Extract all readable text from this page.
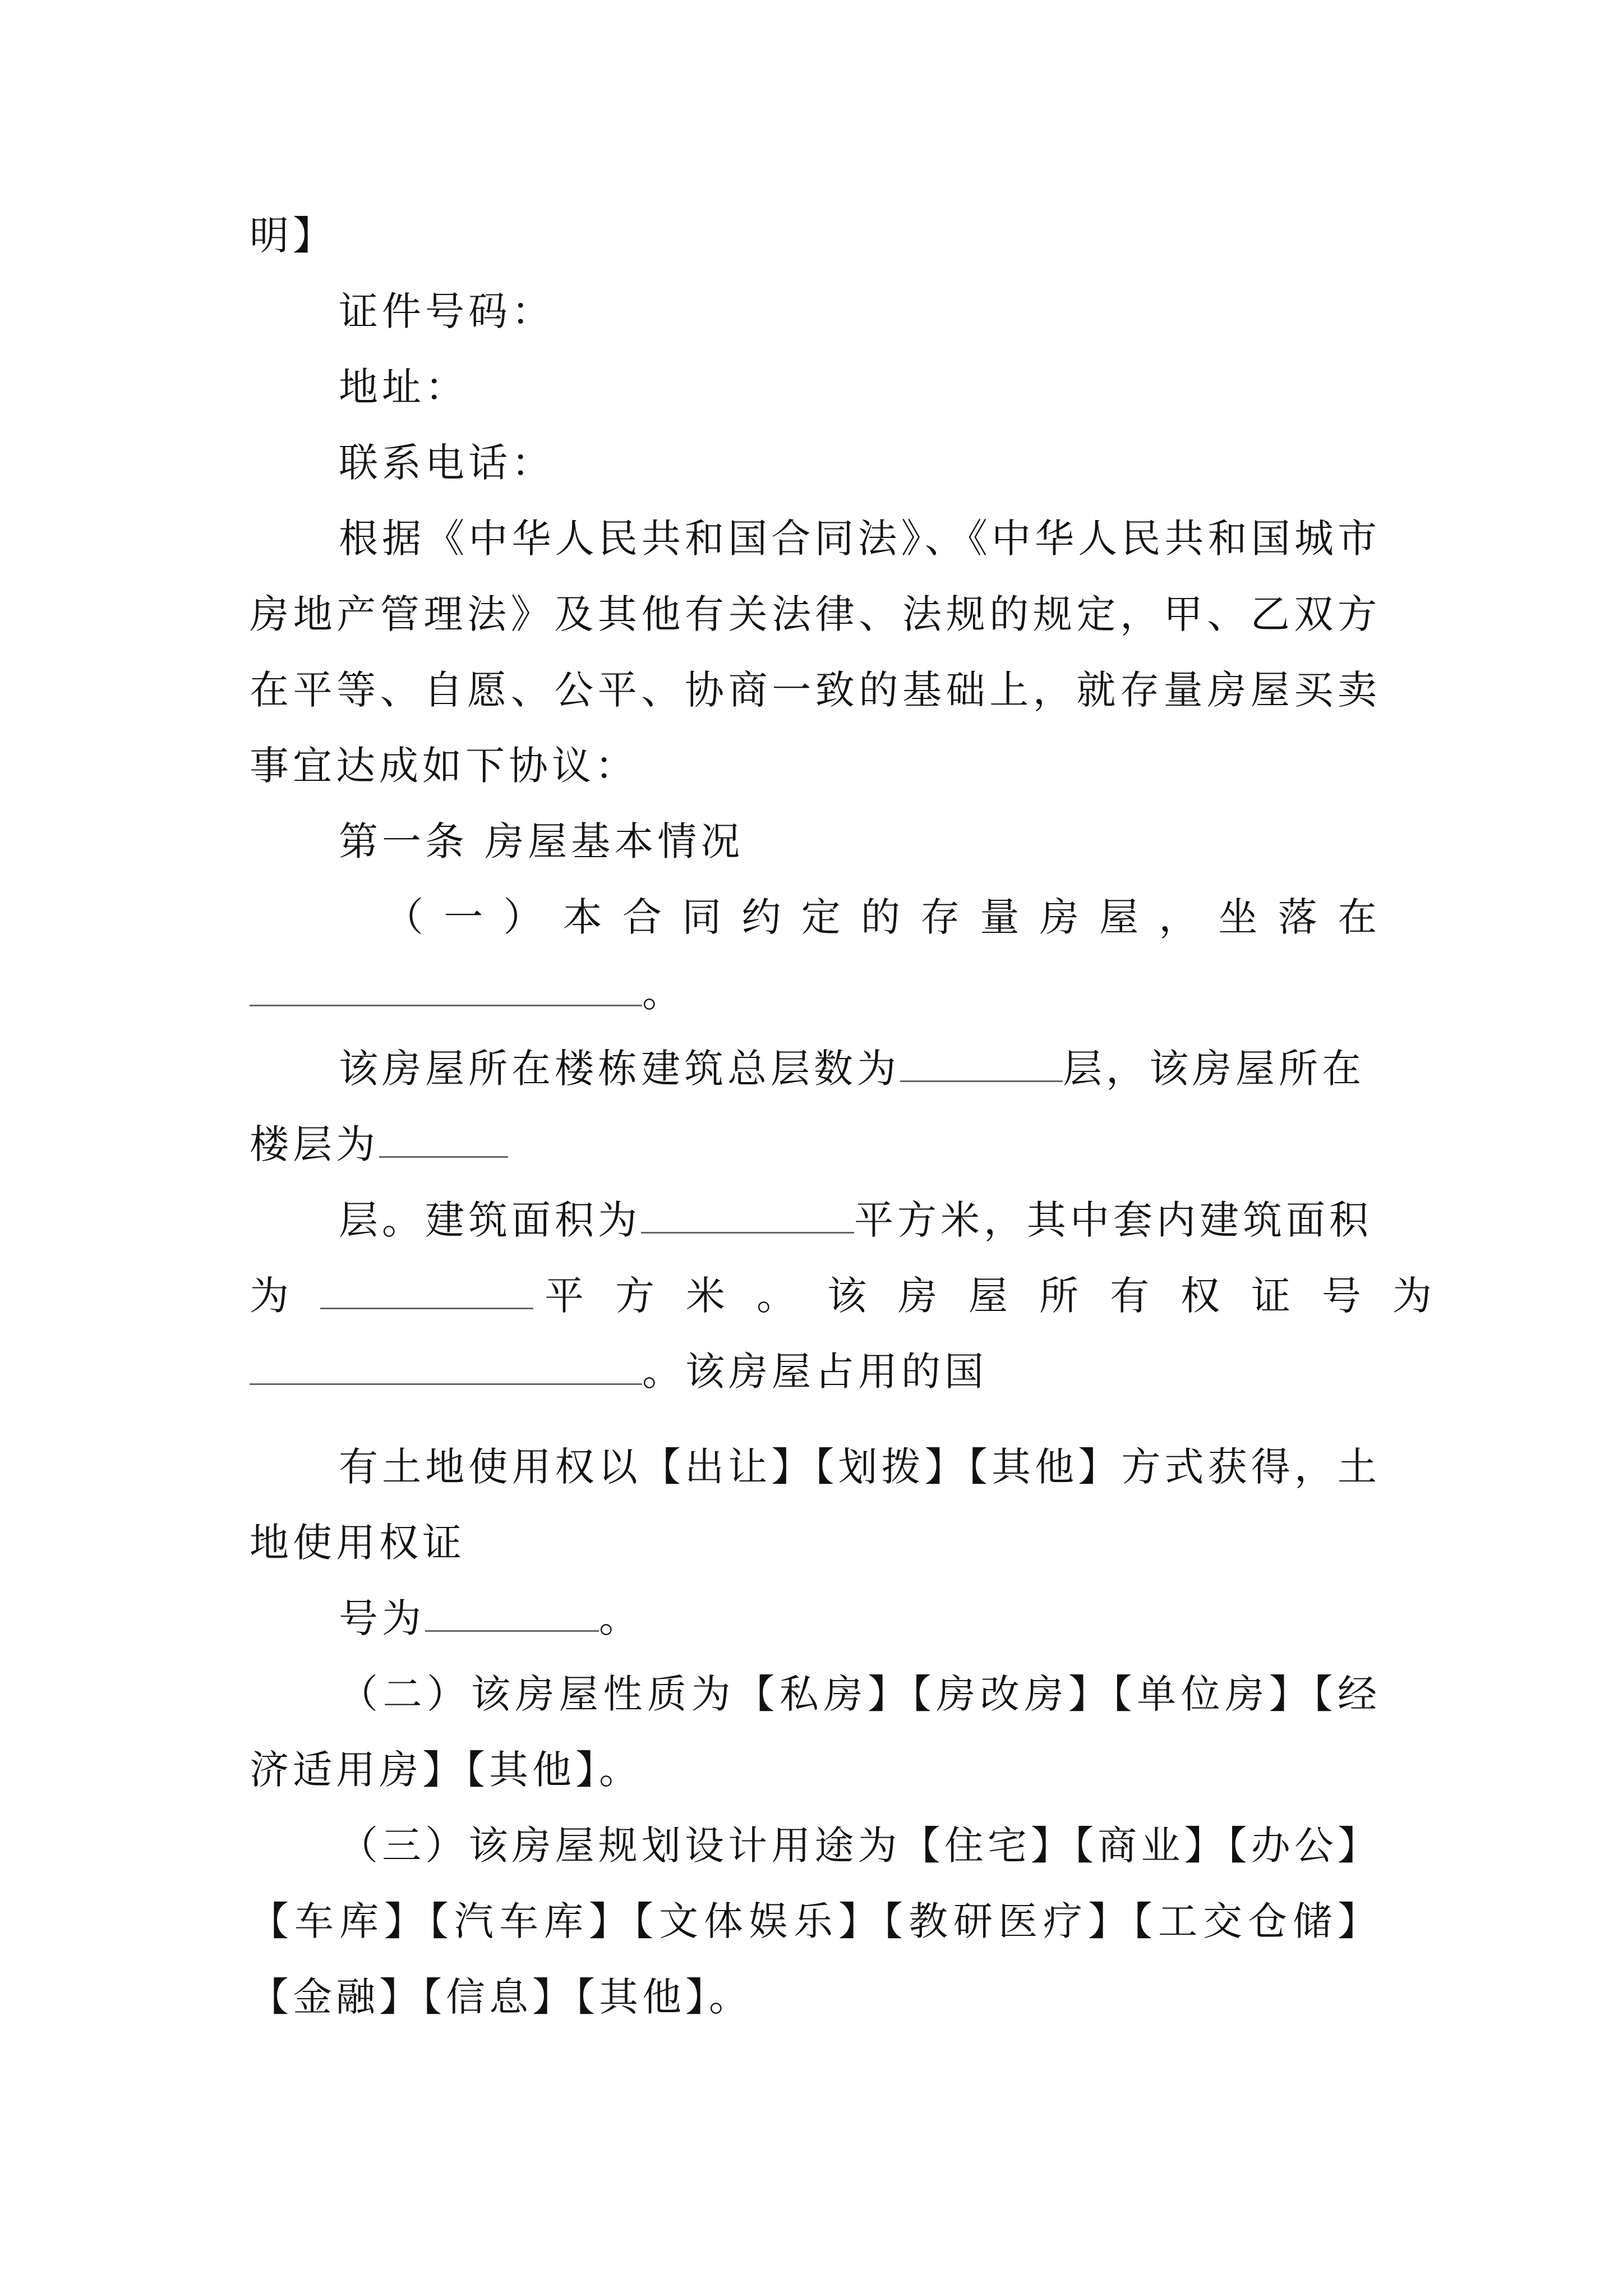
明】
证件号码：
地址：
联系电话：
根据《中华人民共和国合同法》、《中华人民共和国城市
房地产管理法》及其他有关法律、法规的规定，甲、乙双方
在平等、自愿、公平、协商一致的基础上，就存量房屋买卖
事宜达成如下协议：
第一条 房屋基本情况
（一）本合同约定的存量房屋，坐落在
。
该房屋所在楼栋建筑总层数为	层，该房屋所在
楼层为
层。建筑面积为	平方米，其中套内建筑面积
为	平方米。该房屋所有权证号为
。该房屋占用的国
有土地使用权以【出让】【划拨】【其他】方式获得，土
地使用权证
号为	。
（二）该房屋性质为【私房】【房改房】【单位房】【经
济适用房】【其他】。
（三）该房屋规划设计用途为【住宅】【商业】【办公】
【车库】【汽车库】【文体娱乐】【教研医疗】【工交仓储】
【金融】【信息】【其他】。
